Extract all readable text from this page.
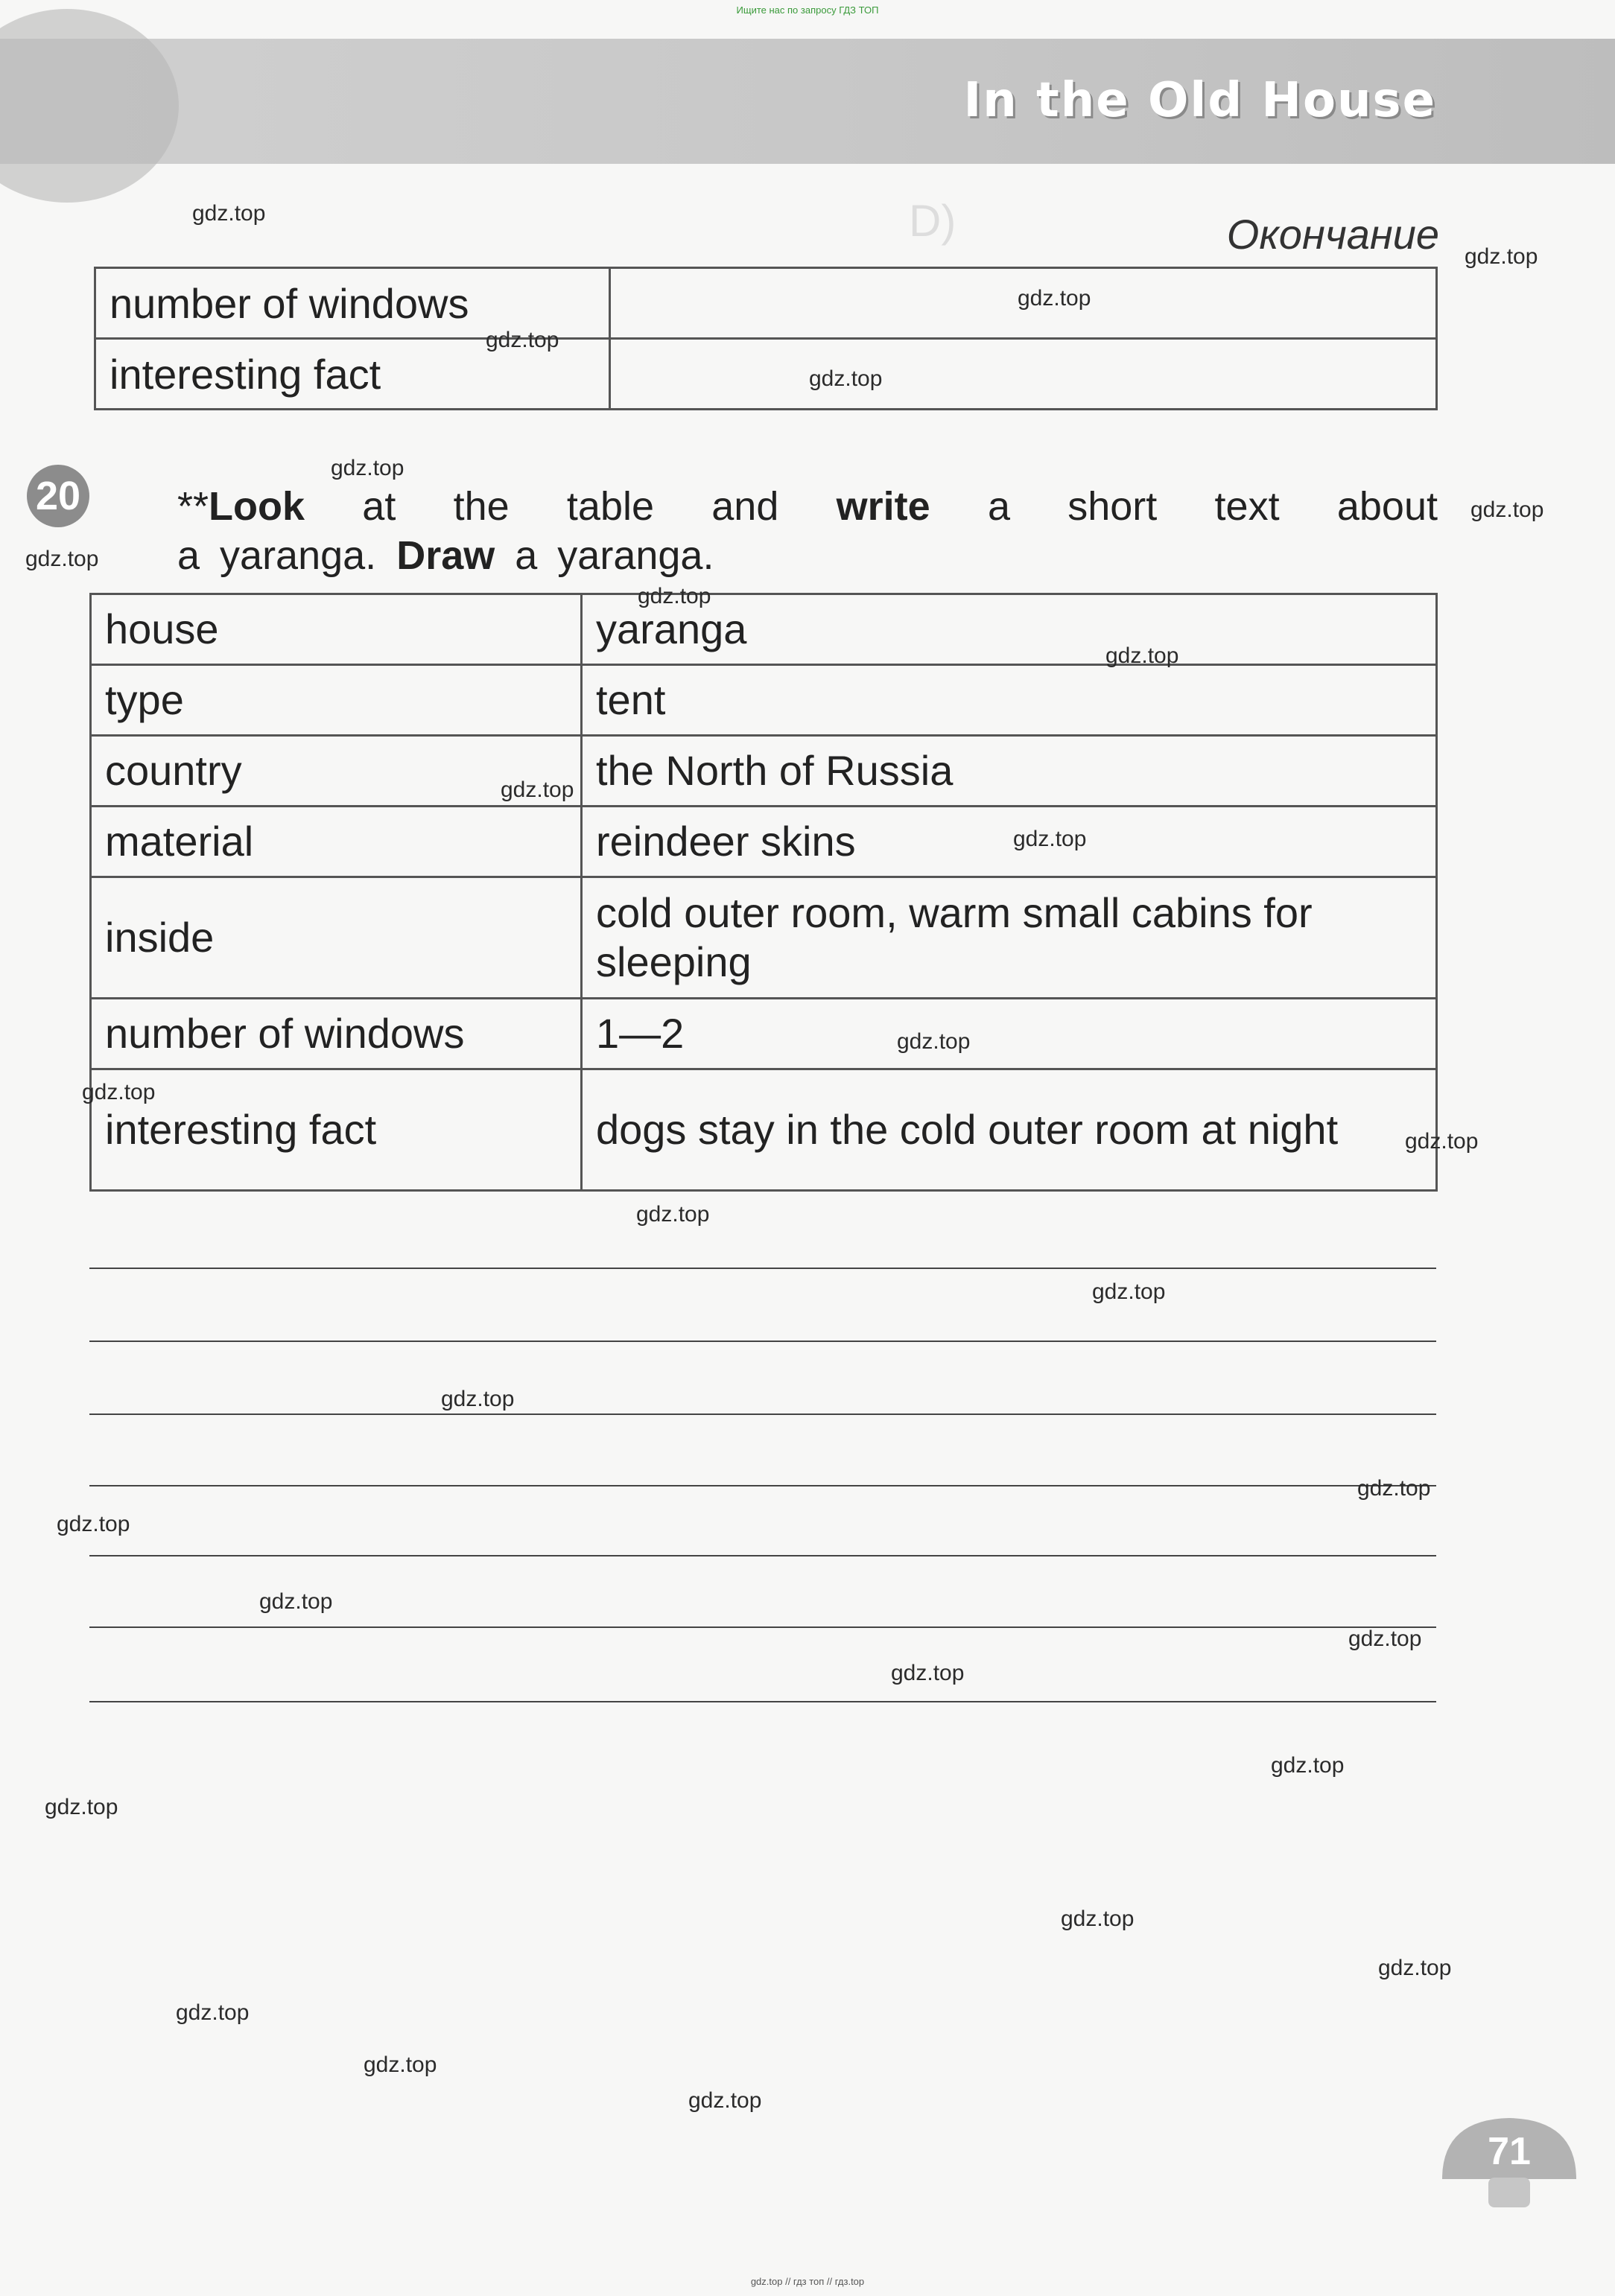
Ищите нас по запросу ГДЗ ТОП
In the Old House
D) Окончание
number of windows	
interesting fact	
20 **Look at the table and write a short text about
a yaranga. Draw a yaranga.
house	yaranga
type	tent
country	the North of Russia
material	reindeer skins
inside	cold outer room, warm small cabins for sleeping
number of windows	1—2
interesting fact	dogs stay in the cold outer room at night
71
gdz.top
gdz.top
gdz.top
gdz.top
gdz.top
gdz.top
gdz.top
gdz.top
gdz.top
gdz.top
gdz.top
gdz.top
gdz.top
gdz.top
gdz.top
gdz.top
gdz.top
gdz.top
gdz.top
gdz.top
gdz.top
gdz.top
gdz.top
gdz.top
gdz.top
gdz.top
gdz.top
gdz.top
gdz.top
gdz.top
gdz.top // гдз топ // гдз.top
